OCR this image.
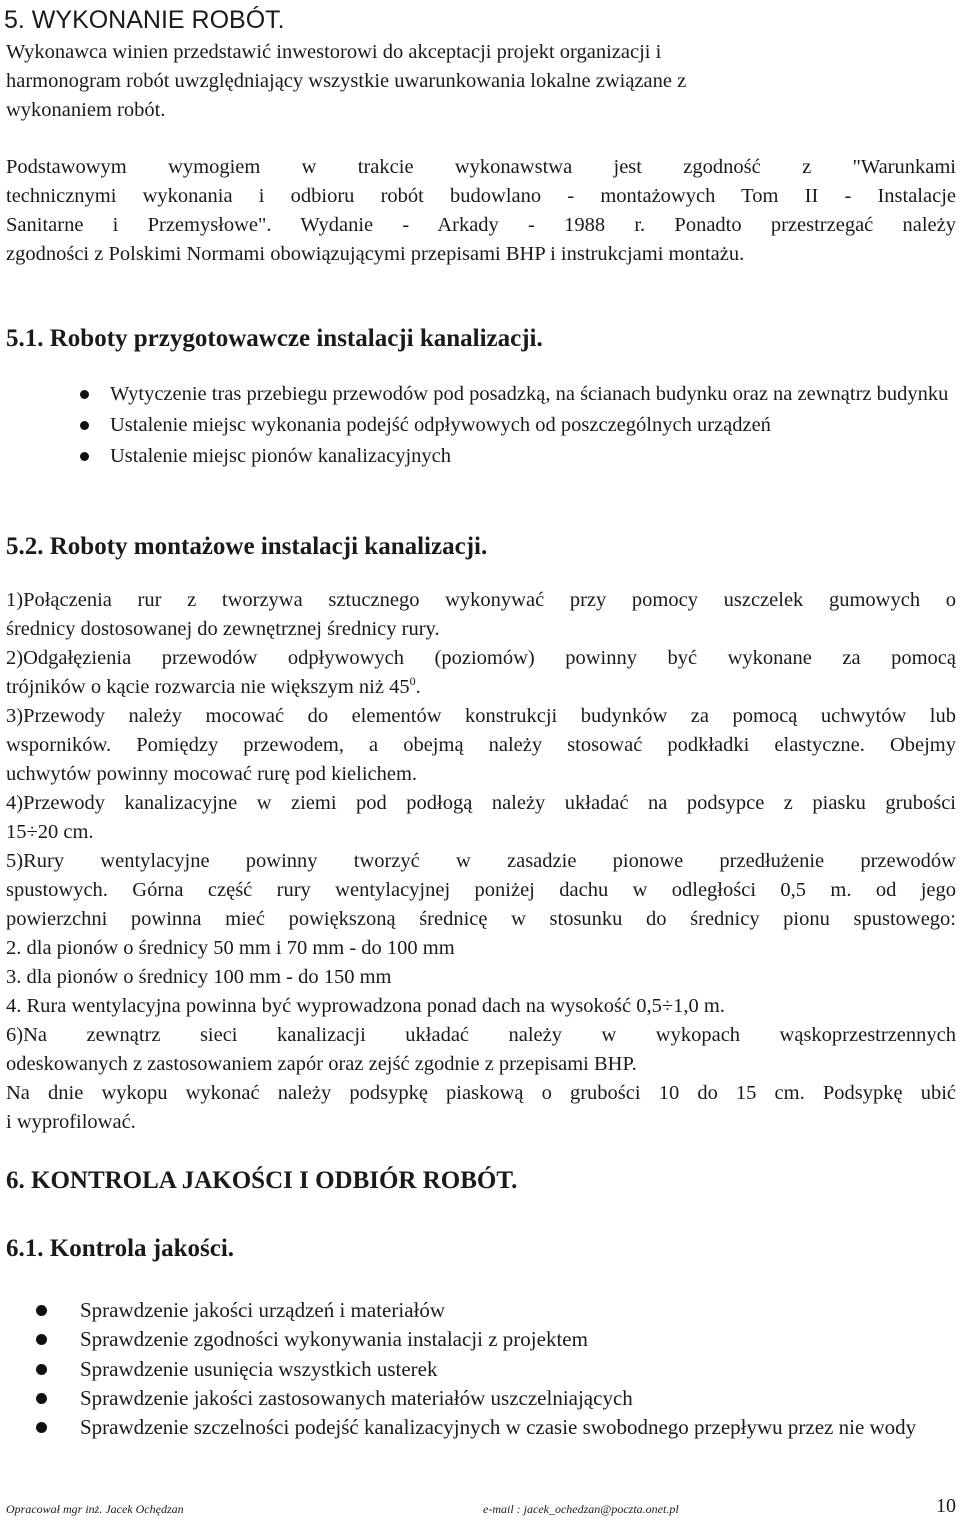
5. WYKONANIE ROBÓT.
Wykonawca winien przedstawić inwestorowi do akceptacji projekt organizacji i
harmonogram robót uwzględniający wszystkie uwarunkowania lokalne związane z
wykonaniem robót.
Podstawowym wymogiem w trakcie wykonawstwa jest zgodność z "Warunkami
technicznymi wykonania i odbioru robót budowlano - montażowych Tom II - Instalacje
Sanitarne i Przemysłowe". Wydanie - Arkady - 1988 r. Ponadto przestrzegać należy
zgodności z Polskimi Normami obowiązującymi przepisami BHP i instrukcjami montażu.
5.1. Roboty przygotowawcze instalacji kanalizacji.
Wytyczenie tras przebiegu przewodów pod posadzką, na ścianach budynku oraz na zewnątrz budynku
Ustalenie miejsc wykonania podejść odpływowych od poszczególnych urządzeń
Ustalenie miejsc pionów kanalizacyjnych
5.2. Roboty montażowe instalacji kanalizacji.
1)Połączenia rur z tworzywa sztucznego wykonywać przy pomocy uszczelek gumowych o
średnicy dostosowanej do zewnętrznej średnicy rury.
2)Odgałęzienia przewodów odpływowych (poziomów) powinny być wykonane za pomocą
trójników o kącie rozwarcia nie większym niż $45^0$.
3)Przewody należy mocować do elementów konstrukcji budynków za pomocą uchwytów lub
wsporników. Pomiędzy przewodem, a obejmą należy stosować podkładki elastyczne. Obejmy
uchwytów powinny mocować rurę pod kielichem.
4)Przewody kanalizacyjne w ziemi pod podłogą należy układać na podsypce z piasku grubości
15÷20 cm.
5)Rury wentylacyjne powinny tworzyć w zasadzie pionowe przedłużenie przewodów
spustowych. Górna część rury wentylacyjnej poniżej dachu w odległości 0,5 m. od jego
powierzchni powinna mieć powiększoną średnicę w stosunku do średnicy pionu spustowego:
2. dla pionów o średnicy 50 mm i 70 mm - do 100 mm
3. dla pionów o średnicy 100 mm - do 150 mm
4. Rura wentylacyjna powinna być wyprowadzona ponad dach na wysokość 0,5÷1,0 m.
6)Na zewnątrz sieci kanalizacji układać należy w wykopach wąskoprzestrzennych
odeskowanych z zastosowaniem zapór oraz zejść zgodnie z przepisami BHP.
Na dnie wykopu wykonać należy podsypkę piaskową o grubości 10 do 15 cm. Podsypkę ubić
i wyprofilować.
6. KONTROLA JAKOŚCI I ODBIÓR ROBÓT.
6.1. Kontrola jakości.
Sprawdzenie jakości urządzeń i materiałów
Sprawdzenie zgodności wykonywania instalacji z projektem
Sprawdzenie usunięcia wszystkich usterek
Sprawdzenie jakości zastosowanych materiałów uszczelniających
Sprawdzenie szczelności podejść kanalizacyjnych w czasie swobodnego przepływu przez nie wody
Opracował mgr inż. Jacek Ochędzan	e-mail : jacek_ochedzan@poczta.onet.pl	10
